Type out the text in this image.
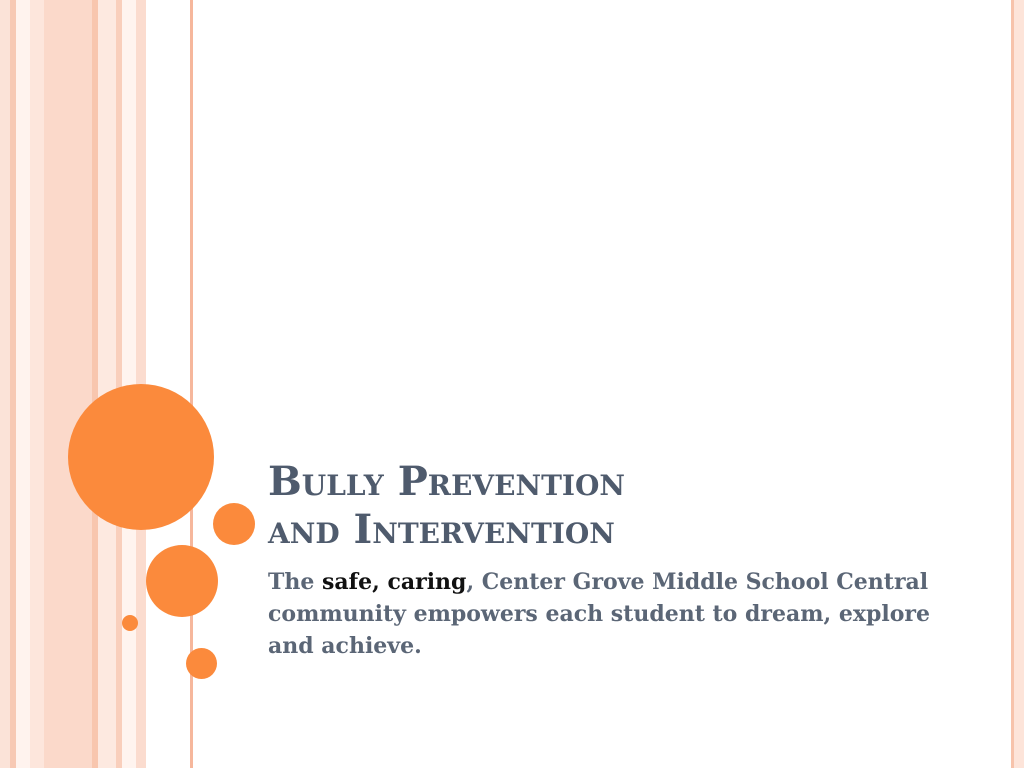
Bully Prevention
and Intervention

The safe, caring, Center Grove Middle School Central community empowers each student to dream, explore and achieve.
